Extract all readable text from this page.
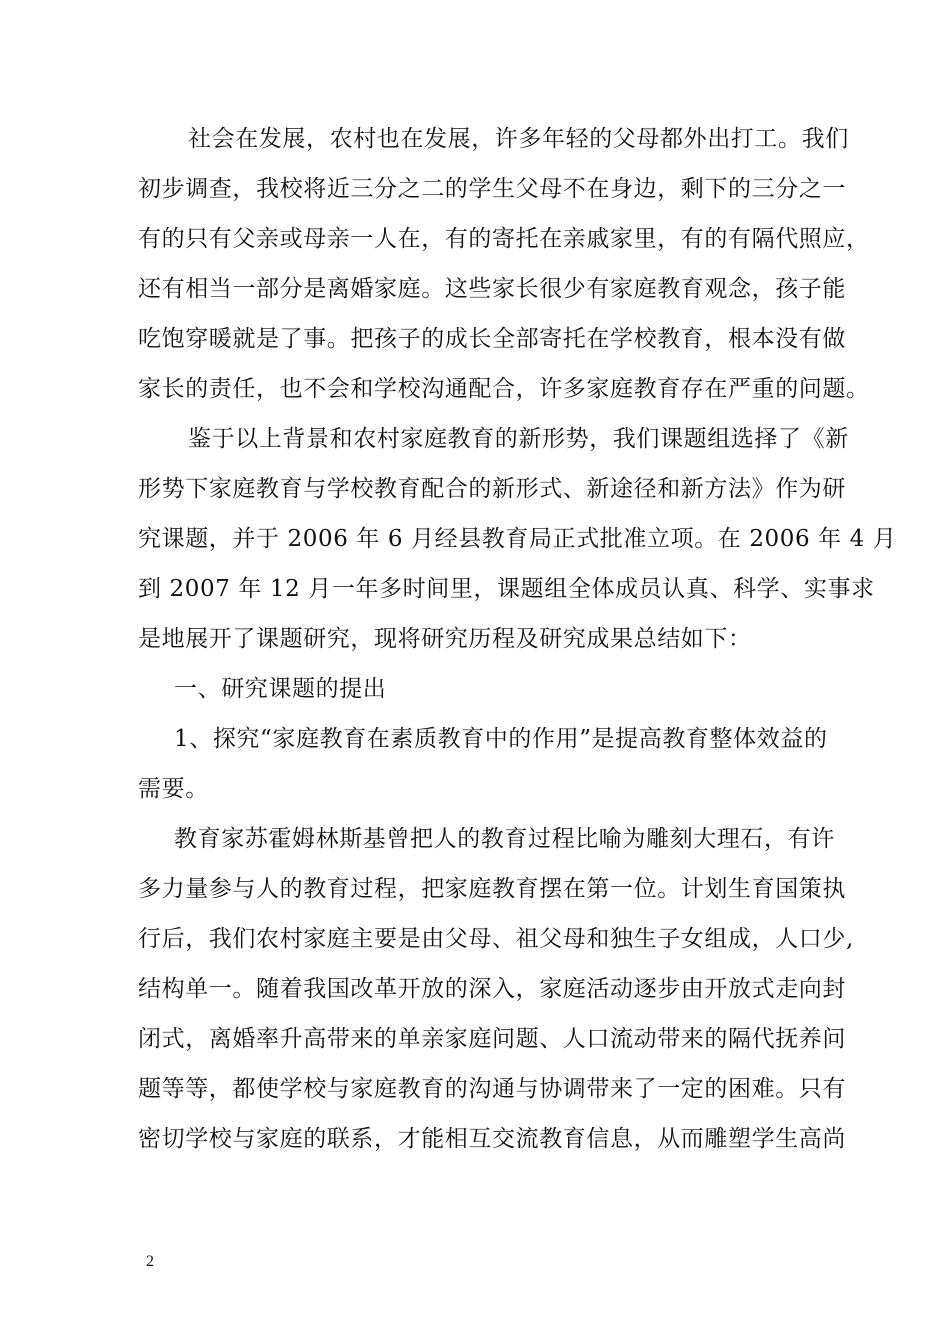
社会在发展，农村也在发展，许多年轻的父母都外出打工。我们
初步调查，我校将近三分之二的学生父母不在身边，剩下的三分之一
有的只有父亲或母亲一人在，有的寄托在亲戚家里，有的有隔代照应，
还有相当一部分是离婚家庭。这些家长很少有家庭教育观念，孩子能
吃饱穿暖就是了事。把孩子的成长全部寄托在学校教育，根本没有做
家长的责任，也不会和学校沟通配合，许多家庭教育存在严重的问题。
鉴于以上背景和农村家庭教育的新形势，我们课题组选择了《新
形势下家庭教育与学校教育配合的新形式、新途径和新方法》作为研
究课题，并于 2006 年 6 月经县教育局正式批准立项。在 2006 年 4 月
到 2007 年 12 月一年多时间里，课题组全体成员认真、科学、实事求
是地展开了课题研究，现将研究历程及研究成果总结如下：
一、研究课题的提出
1、探究“家庭教育在素质教育中的作用”是提高教育整体效益的
需要。
教育家苏霍姆林斯基曾把人的教育过程比喻为雕刻大理石，有许
多力量参与人的教育过程，把家庭教育摆在第一位。计划生育国策执
行后，我们农村家庭主要是由父母、祖父母和独生子女组成，人口少,
结构单一。随着我国改革开放的深入，家庭活动逐步由开放式走向封
闭式，离婚率升高带来的单亲家庭问题、人口流动带来的隔代抚养问
题等等，都使学校与家庭教育的沟通与协调带来了一定的困难。只有
密切学校与家庭的联系，才能相互交流教育信息，从而雕塑学生高尚
2
